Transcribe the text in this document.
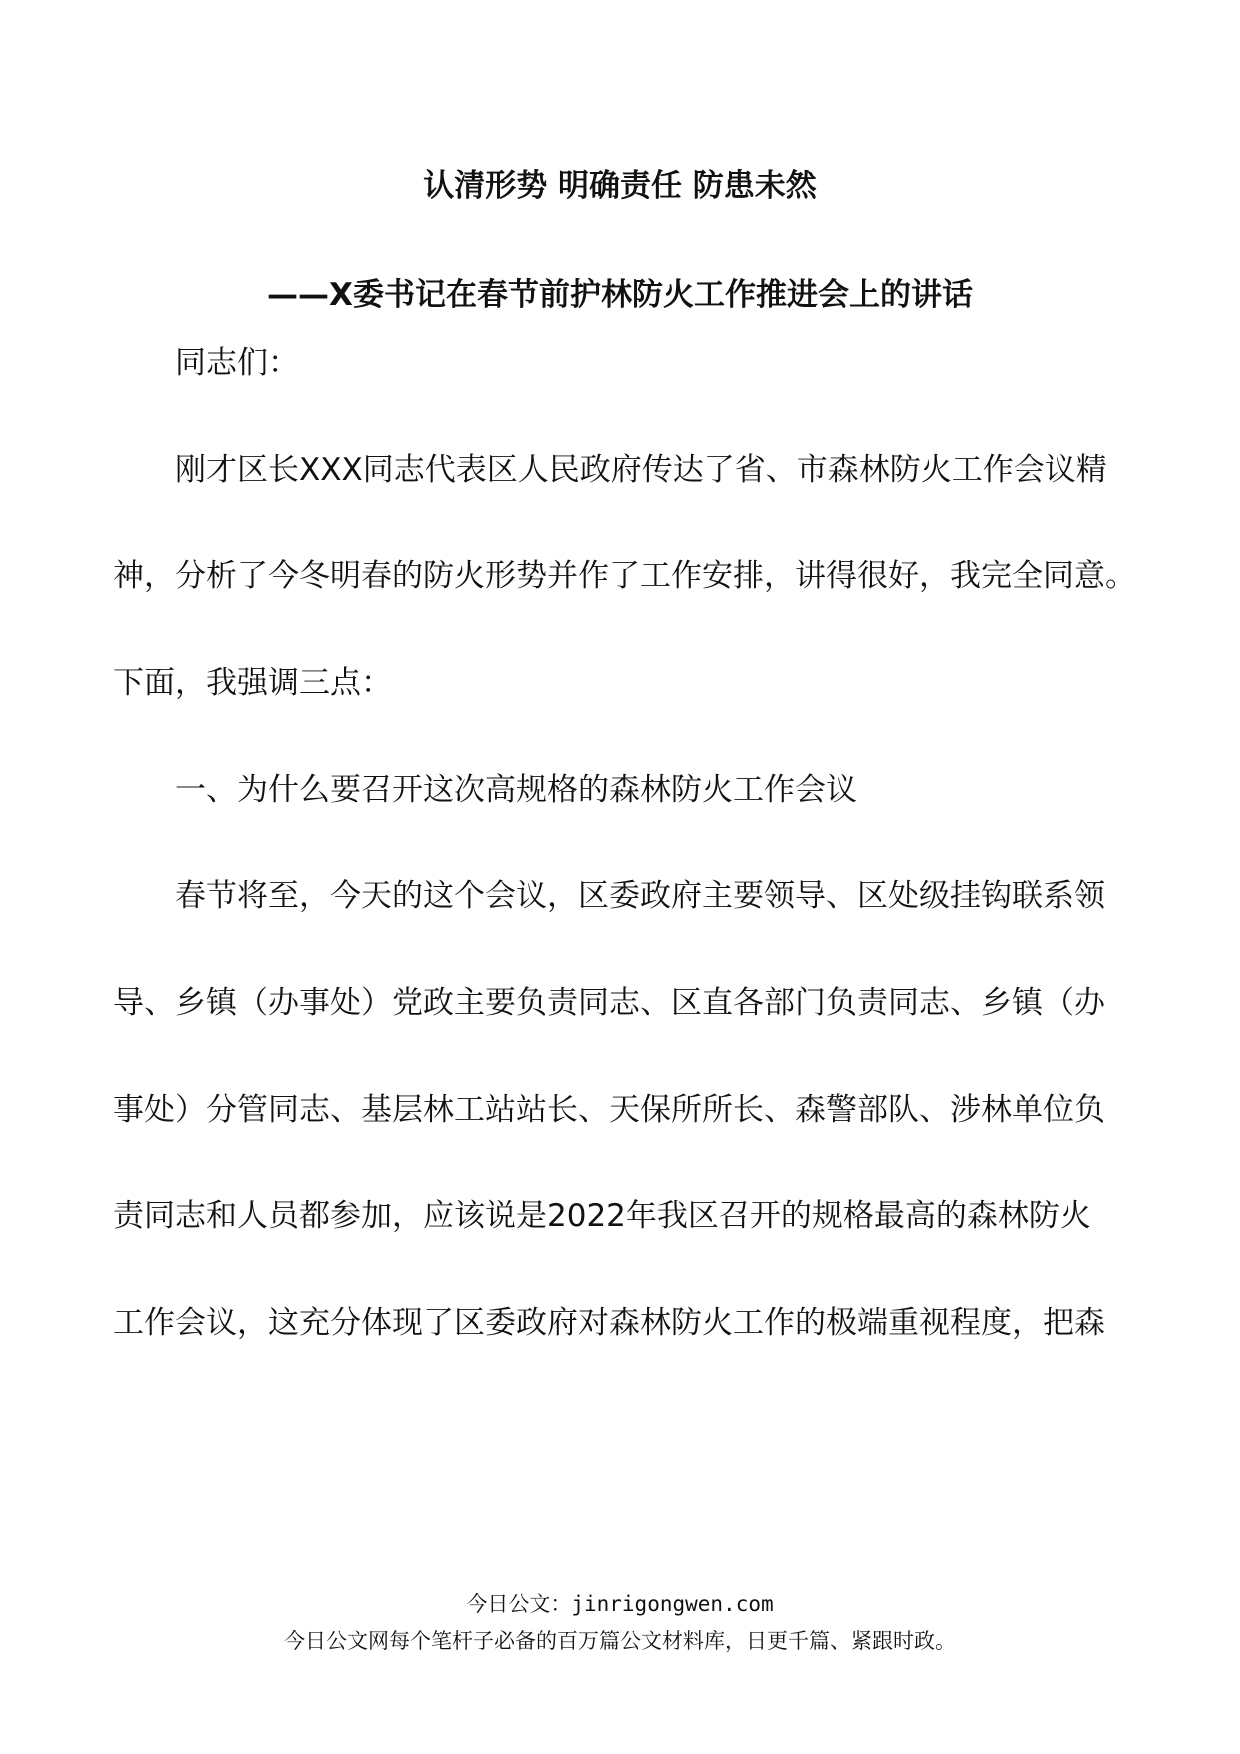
认清形势 明确责任 防患未然
——X委书记在春节前护林防火工作推进会上的讲话
同志们：
刚才区长XXX同志代表区人民政府传达了省、市森林防火工作会议精
神，分析了今冬明春的防火形势并作了工作安排，讲得很好，我完全同意。
下面，我强调三点：
一、为什么要召开这次高规格的森林防火工作会议
春节将至，今天的这个会议，区委政府主要领导、区处级挂钩联系领
导、乡镇（办事处）党政主要负责同志、区直各部门负责同志、乡镇（办
事处）分管同志、基层林工站站长、天保所所长、森警部队、涉林单位负
责同志和人员都参加，应该说是2022年我区召开的规格最高的森林防火
工作会议，这充分体现了区委政府对森林防火工作的极端重视程度，把森
今日公文：jinrigongwen.com
今日公文网每个笔杆子必备的百万篇公文材料库，日更千篇、紧跟时政。
